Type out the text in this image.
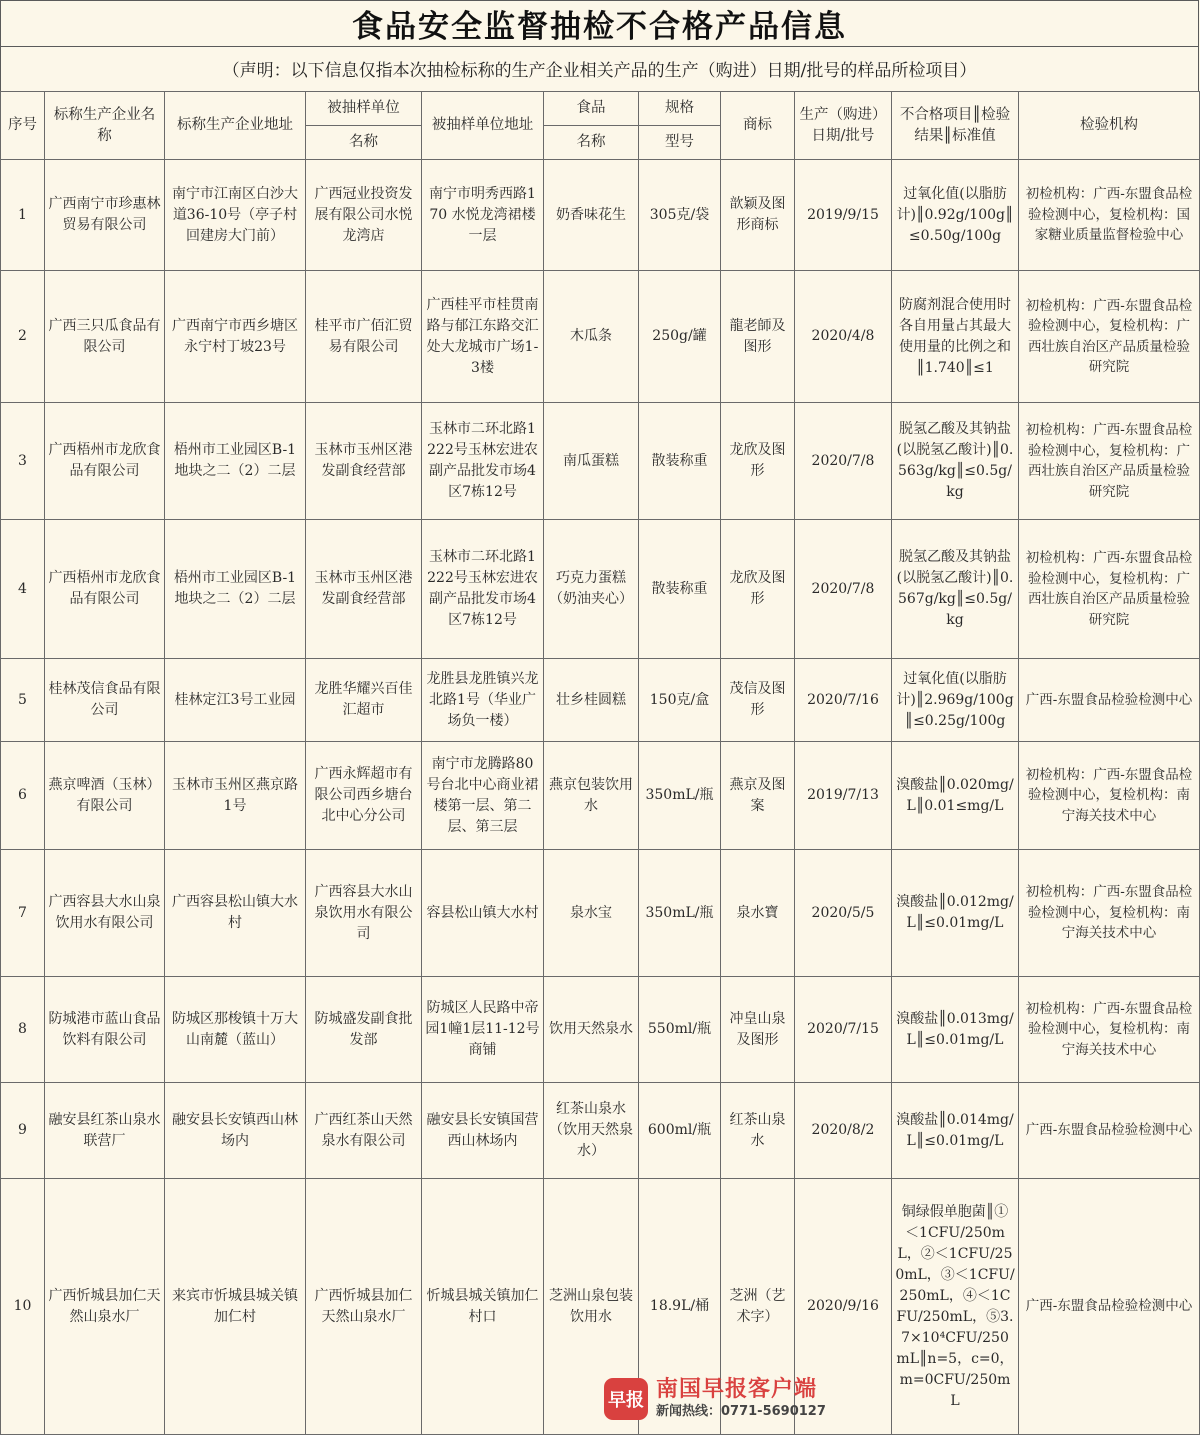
食品安全监督抽检不合格产品信息
（声明：以下信息仅指本次抽检标称的生产企业相关产品的生产（购进）日期/批号的样品所检项目）
序号	标称生产企业名称	标称生产企业地址	被抽样单位	被抽样单位地址	食品	规格	商标	生产（购进）日期/批号	不合格项目║检验结果║标准值	检验机构
			名称		名称	型号				
1	广西南宁市珍惠林贸易有限公司	南宁市江南区白沙大道36-10号（亭子村回建房大门前）	广西冠业投资发展有限公司水悦龙湾店	南宁市明秀西路170 水悦龙湾裙楼一层	奶香味花生	305克/袋	歆颖及图形商标	2019/9/15	过氧化值(以脂肪计)║0.92g/100g║≤0.50g/100g	初检机构：广西-东盟食品检验检测中心，复检机构：国家糖业质量监督检验中心
2	广西三只瓜食品有限公司	广西南宁市西乡塘区永宁村丁坡23号	桂平市广佰汇贸易有限公司	广西桂平市桂贯南路与郁江东路交汇处大龙城市广场1-3楼	木瓜条	250g/罐	龍老師及图形	2020/4/8	防腐剂混合使用时各自用量占其最大使用量的比例之和║1.740║≤1	初检机构：广西-东盟食品检验检测中心，复检机构：广西壮族自治区产品质量检验研究院
3	广西梧州市龙欣食品有限公司	梧州市工业园区B-1地块之二（2）二层	玉林市玉州区港发副食经营部	玉林市二环北路1222号玉林宏进农副产品批发市场4区7栋12号	南瓜蛋糕	散装称重	龙欣及图形	2020/7/8	脱氢乙酸及其钠盐(以脱氢乙酸计)║0.563g/kg║≤0.5g/kg	初检机构：广西-东盟食品检验检测中心，复检机构：广西壮族自治区产品质量检验研究院
4	广西梧州市龙欣食品有限公司	梧州市工业园区B-1地块之二（2）二层	玉林市玉州区港发副食经营部	玉林市二环北路1222号玉林宏进农副产品批发市场4区7栋12号	巧克力蛋糕（奶油夹心）	散装称重	龙欣及图形	2020/7/8	脱氢乙酸及其钠盐(以脱氢乙酸计)║0.567g/kg║≤0.5g/kg	初检机构：广西-东盟食品检验检测中心，复检机构：广西壮族自治区产品质量检验研究院
5	桂林茂信食品有限公司	桂林定江3号工业园	龙胜华耀兴百佳汇超市	龙胜县龙胜镇兴龙北路1号（华业广场负一楼）	壮乡桂圆糕	150克/盒	茂信及图形	2020/7/16	过氧化值(以脂肪计)║2.969g/100g║≤0.25g/100g	广西-东盟食品检验检测中心
6	燕京啤酒（玉林）有限公司	玉林市玉州区燕京路1号	广西永辉超市有限公司西乡塘台北中心分公司	南宁市龙腾路80号台北中心商业裙楼第一层、第二层、第三层	燕京包装饮用水	350mL/瓶	燕京及图案	2019/7/13	溴酸盐║0.020mg/L║0.01≤mg/L	初检机构：广西-东盟食品检验检测中心，复检机构：南宁海关技术中心
7	广西容县大水山泉饮用水有限公司	广西容县松山镇大水村	广西容县大水山泉饮用水有限公司	容县松山镇大水村	泉水宝	350mL/瓶	泉水寶	2020/5/5	溴酸盐║0.012mg/L║≤0.01mg/L	初检机构：广西-东盟食品检验检测中心，复检机构：南宁海关技术中心
8	防城港市蓝山食品饮料有限公司	防城区那梭镇十万大山南麓（蓝山）	防城盛发副食批发部	防城区人民路中帝园1幢1层11-12号商铺	饮用天然泉水	550ml/瓶	冲皇山泉及图形	2020/7/15	溴酸盐║0.013mg/L║≤0.01mg/L	初检机构：广西-东盟食品检验检测中心，复检机构：南宁海关技术中心
9	融安县红茶山泉水联营厂	融安县长安镇西山林场内	广西红茶山天然泉水有限公司	融安县长安镇国营西山林场内	红茶山泉水（饮用天然泉水）	600ml/瓶	红茶山泉水	2020/8/2	溴酸盐║0.014mg/L║≤0.01mg/L	广西-东盟食品检验检测中心
10	广西忻城县加仁天然山泉水厂	来宾市忻城县城关镇加仁村	广西忻城县加仁天然山泉水厂	忻城县城关镇加仁村口	芝洲山泉包装饮用水	18.9L/桶	芝洲（艺术字）	2020/9/16	铜绿假单胞菌║①＜1CFU/250mL，②＜1CFU/250mL，③＜1CFU/250mL，④＜1CFU/250mL，⑤3.7×10⁴CFU/250mL║n=5，c=0，m=0CFU/250mL	广西-东盟食品检验检测中心
早报 南国早报客户端
新闻热线：0771-5690127
